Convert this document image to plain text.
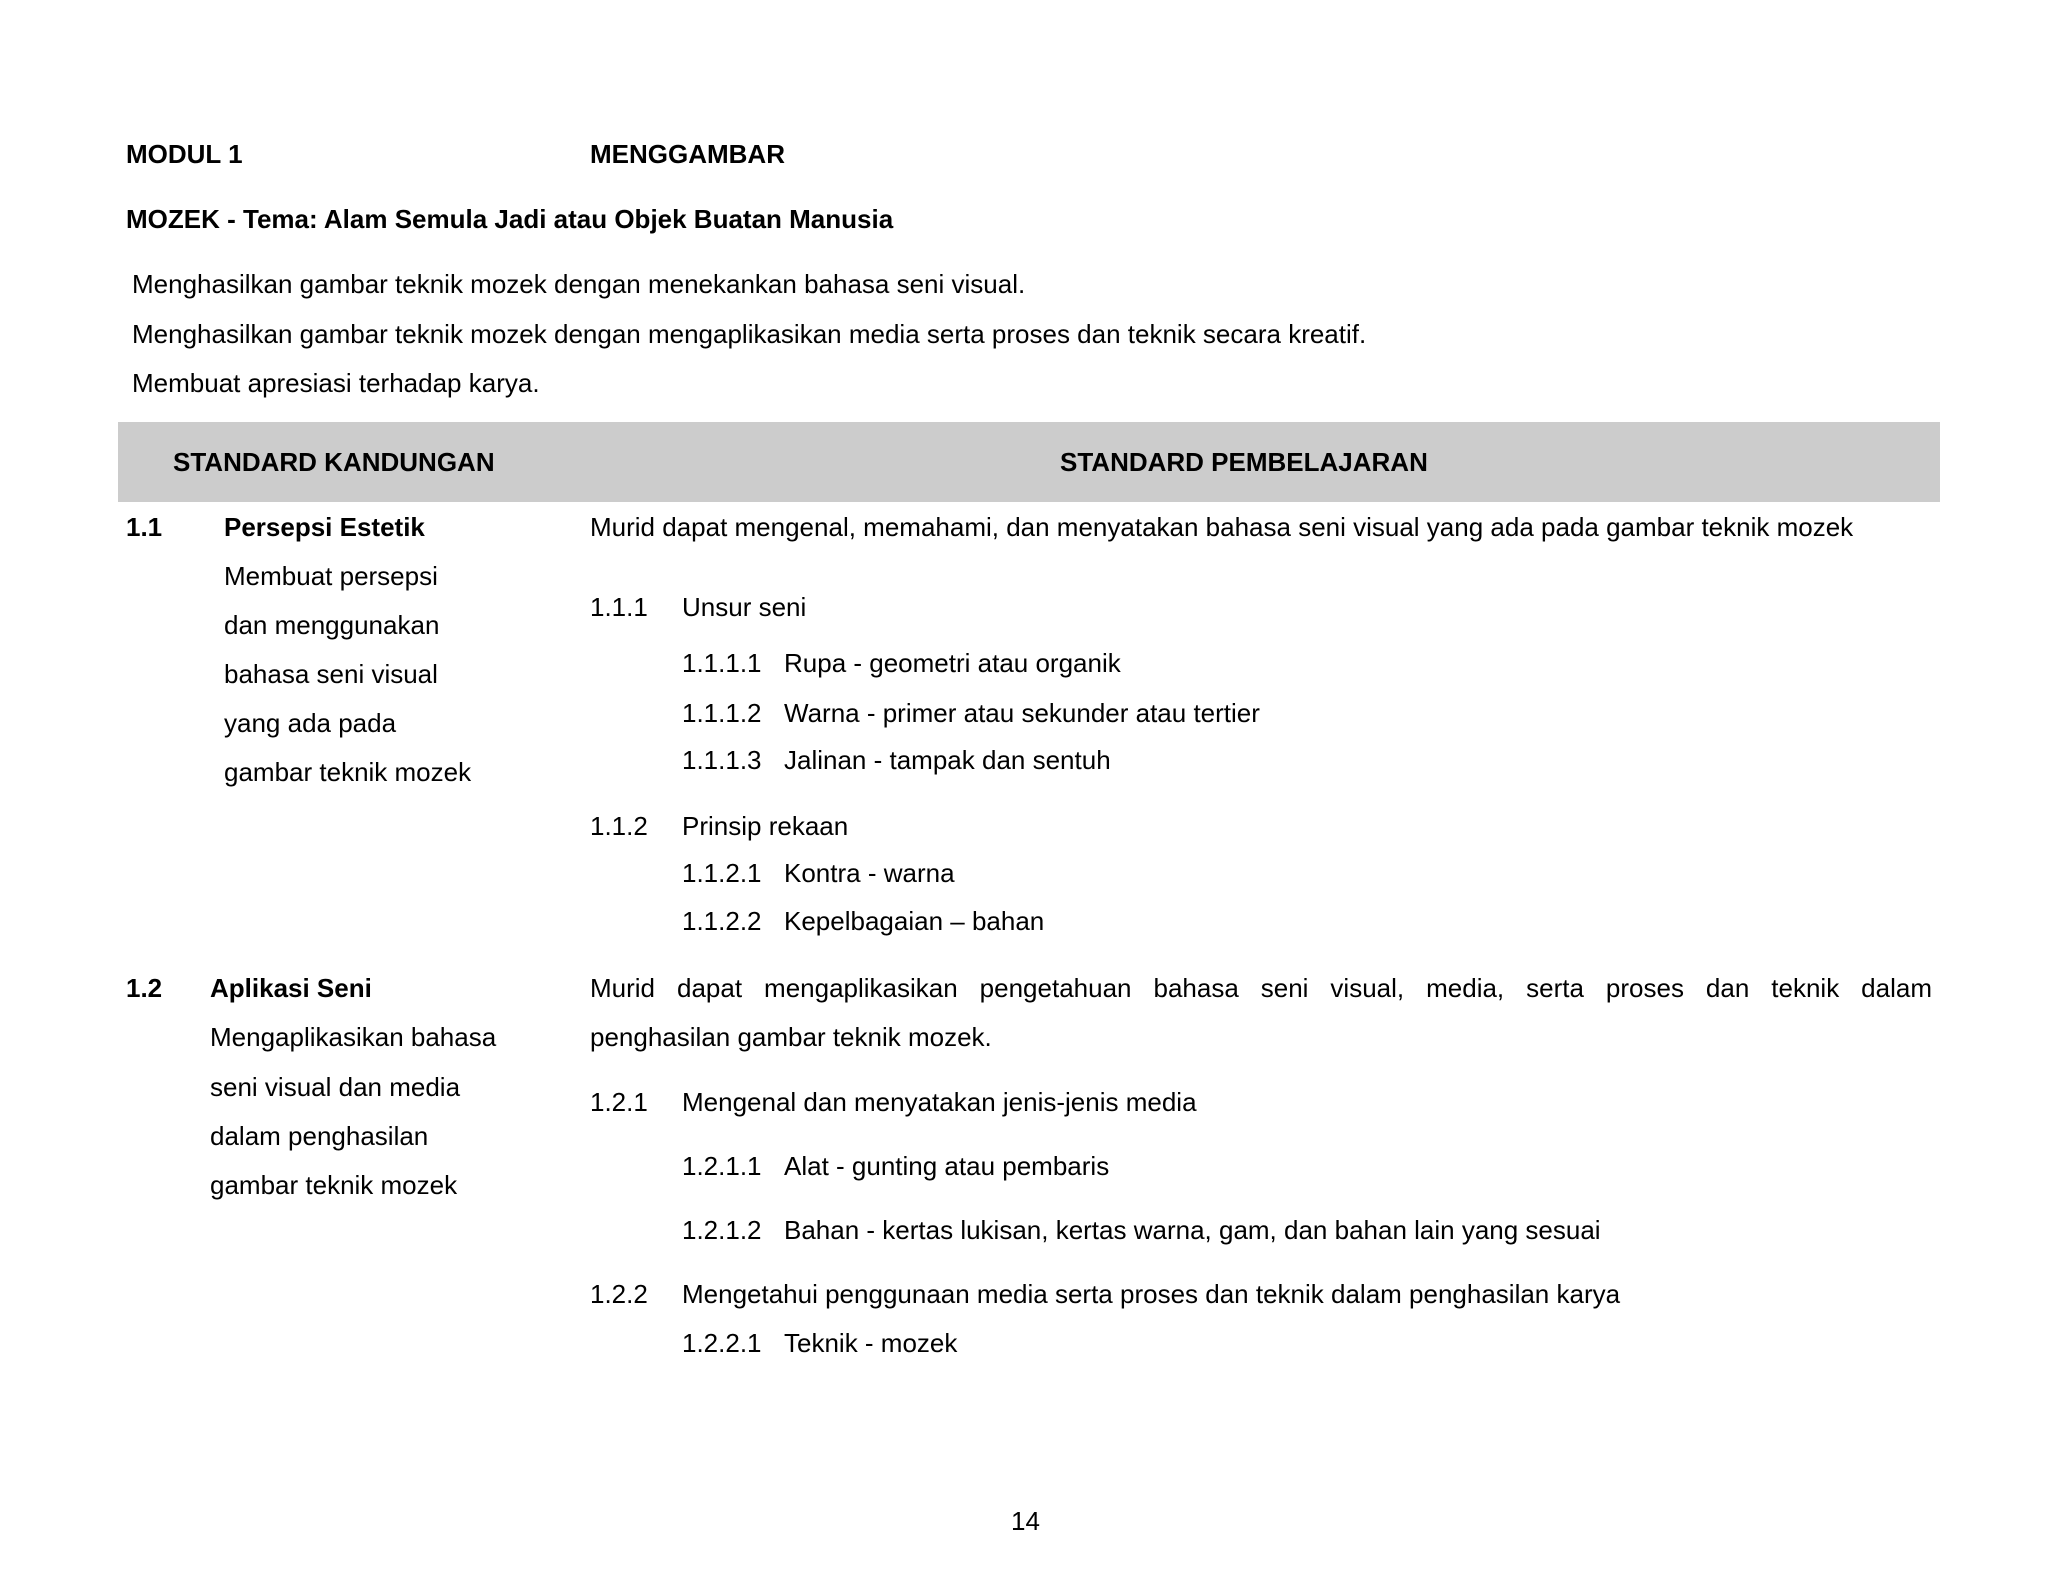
MODUL 1	MENGGAMBAR
MOZEK - Tema: Alam Semula Jadi atau Objek Buatan Manusia
Menghasilkan gambar teknik mozek dengan menekankan bahasa seni visual.
Menghasilkan gambar teknik mozek dengan mengaplikasikan media serta proses dan teknik secara kreatif.
Membuat apresiasi terhadap karya.
STANDARD KANDUNGAN	STANDARD PEMBELAJARAN
1.1 Persepsi Estetik
Membuat persepsi
dan menggunakan
bahasa seni visual
yang ada pada
gambar teknik mozek
Murid dapat mengenal, memahami, dan menyatakan bahasa seni visual yang ada pada gambar teknik mozek
1.1.1 Unsur seni
1.1.1.1 Rupa - geometri atau organik
1.1.1.2 Warna - primer atau sekunder atau tertier
1.1.1.3 Jalinan - tampak dan sentuh
1.1.2 Prinsip rekaan
1.1.2.1 Kontra - warna
1.1.2.2 Kepelbagaian – bahan
1.2 Aplikasi Seni
Mengaplikasikan bahasa
seni visual dan media
dalam penghasilan
gambar teknik mozek
Murid dapat mengaplikasikan pengetahuan bahasa seni visual, media, serta proses dan teknik dalam
penghasilan gambar teknik mozek.
1.2.1 Mengenal dan menyatakan jenis-jenis media
1.2.1.1 Alat - gunting atau pembaris
1.2.1.2 Bahan - kertas lukisan, kertas warna, gam, dan bahan lain yang sesuai
1.2.2 Mengetahui penggunaan media serta proses dan teknik dalam penghasilan karya
1.2.2.1 Teknik - mozek
14
